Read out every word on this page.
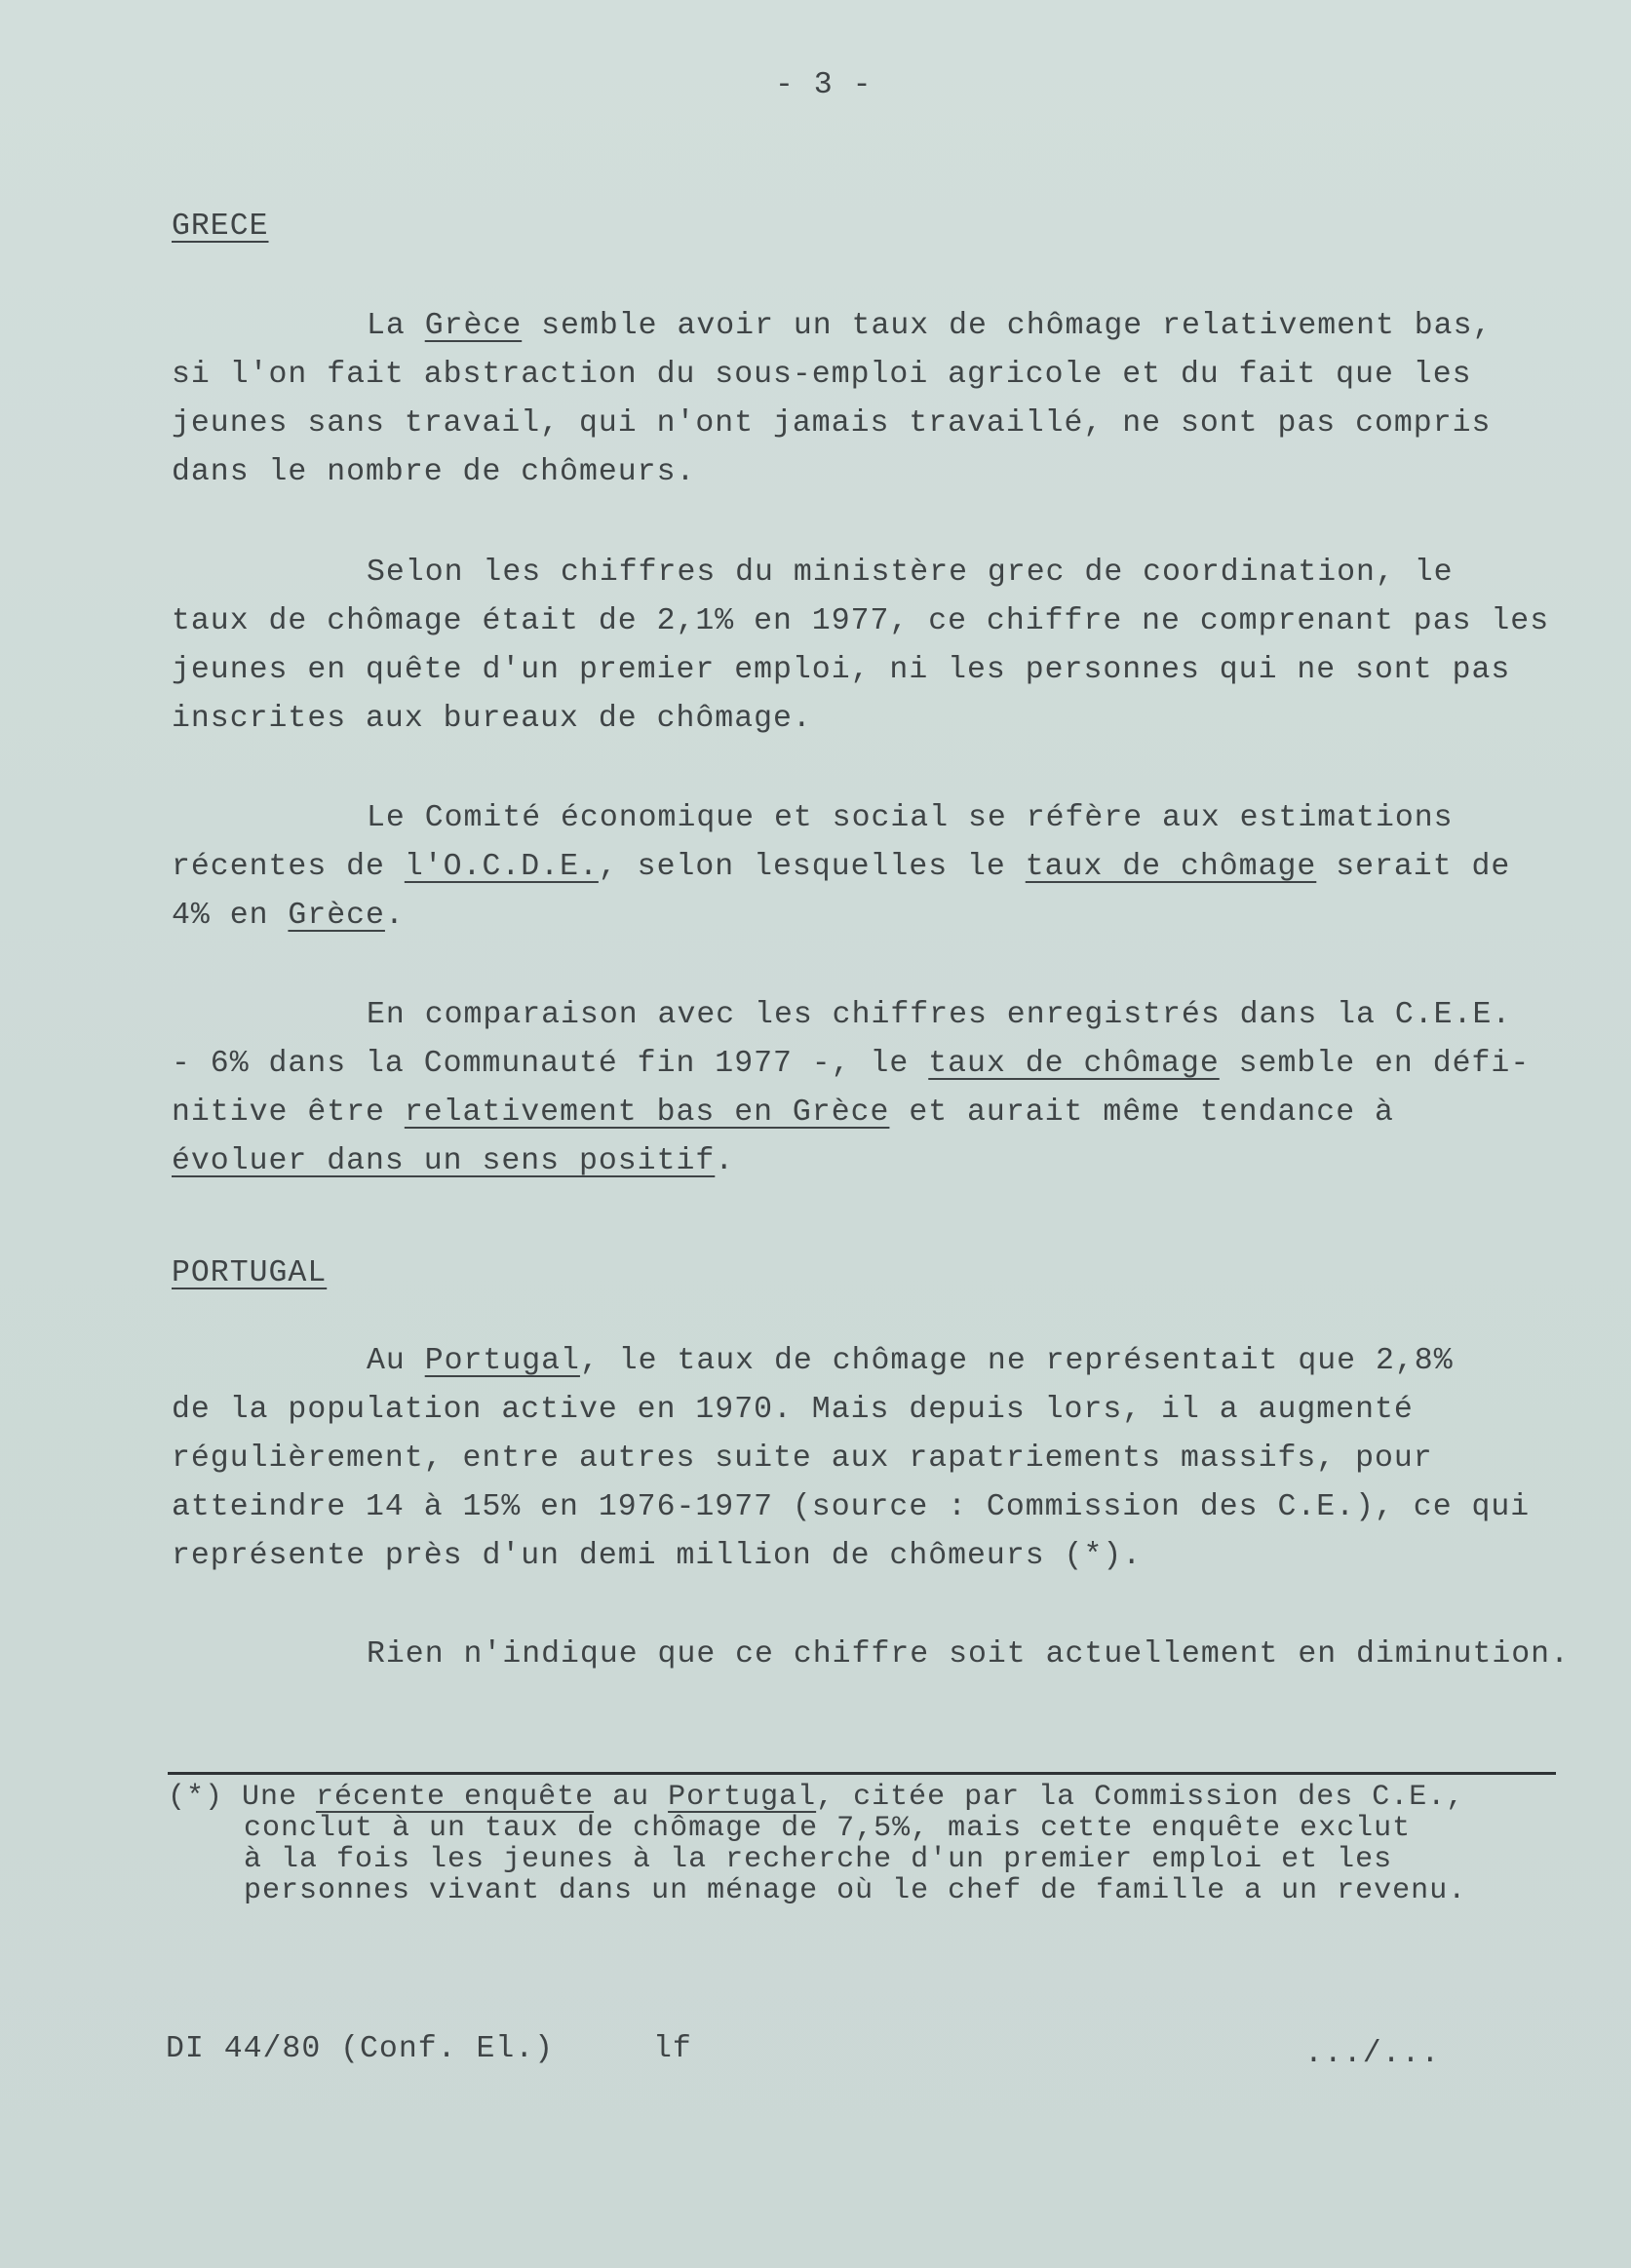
- 3 -
GRECE
La Grèce semble avoir un taux de chômage relativement bas,
si l'on fait abstraction du sous-emploi agricole et du fait que les
jeunes sans travail, qui n'ont jamais travaillé, ne sont pas compris
dans le nombre de chômeurs.
Selon les chiffres du ministère grec de coordination, le
taux de chômage était de 2,1% en 1977, ce chiffre ne comprenant pas les
jeunes en quête d'un premier emploi, ni les personnes qui ne sont pas
inscrites aux bureaux de chômage.
Le Comité économique et social se réfère aux estimations
récentes de l'O.C.D.E., selon lesquelles le taux de chômage serait de
4% en Grèce.
En comparaison avec les chiffres enregistrés dans la C.E.E.
- 6% dans la Communauté fin 1977 -, le taux de chômage semble en défi-
nitive être relativement bas en Grèce et aurait même tendance à
évoluer dans un sens positif.
PORTUGAL
Au Portugal, le taux de chômage ne représentait que 2,8%
de la population active en 1970. Mais depuis lors, il a augmenté
régulièrement, entre autres suite aux rapatriements massifs, pour
atteindre 14 à 15% en 1976-1977 (source : Commission des C.E.), ce qui
représente près d'un demi million de chômeurs (*).
Rien n'indique que ce chiffre soit actuellement en diminution.
(*) Une récente enquête au Portugal, citée par la Commission des C.E.,
conclut à un taux de chômage de 7,5%, mais cette enquête exclut
à la fois les jeunes à la recherche d'un premier emploi et les
personnes vivant dans un ménage où le chef de famille a un revenu.
DI 44/80 (Conf. El.)	lf	.../...
